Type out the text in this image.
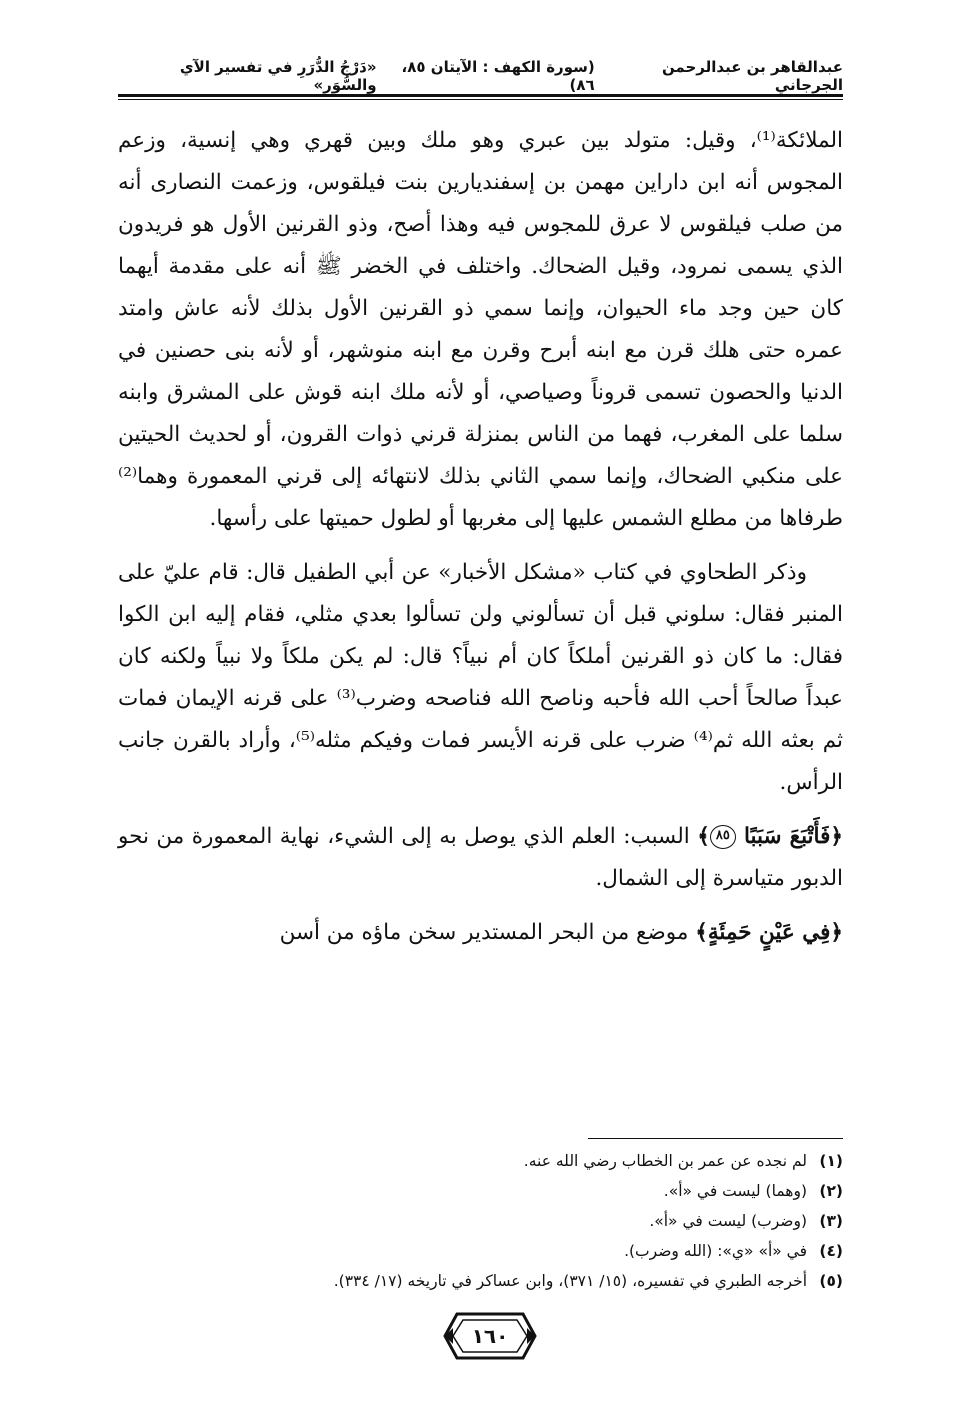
عبدالقاهر بن عبدالرحمن الجرجاني
(سورة الكهف : الآيتان ٨٥، ٨٦)
«دَرْجُ الدُّرَرِ في تفسير الآي والسُّوَر»

الملائكة⁽¹⁾، وقيل: متولد بين عبري وهو ملك وبين قهري وهي إنسية، وزعم المجوس أنه ابن داراين مهمن بن إسفنديارين بنت فيلقوس، وزعمت النصارى أنه من صلب فيلقوس لا عرق للمجوس فيه وهذا أصح، وذو القرنين الأول هو فريدون الذي يسمى نمرود، وقيل الضحاك. واختلف في الخضر ﷺ أنه على مقدمة أيهما كان حين وجد ماء الحيوان، وإنما سمي ذو القرنين الأول بذلك لأنه عاش وامتد عمره حتى هلك قرن مع ابنه أبرح وقرن مع ابنه منوشهر، أو لأنه بنى حصنين في الدنيا والحصون تسمى قروناً وصياصي، أو لأنه ملك ابنه قوش على المشرق وابنه سلما على المغرب، فهما من الناس بمنزلة قرني ذوات القرون، أو لحديث الحيتين على منكبي الضحاك، وإنما سمي الثاني بذلك لانتهائه إلى قرني المعمورة وهما⁽²⁾ طرفاها من مطلع الشمس عليها إلى مغربها أو لطول حميتها على رأسها.

وذكر الطحاوي في كتاب «مشكل الأخبار» عن أبي الطفيل قال: قام عليّ على المنبر فقال: سلوني قبل أن تسألوني ولن تسألوا بعدي مثلي، فقام إليه ابن الكوا فقال: ما كان ذو القرنين أملكاً كان أم نبياً؟ قال: لم يكن ملكاً ولا نبياً ولكنه كان عبداً صالحاً أحب الله فأحبه وناصح الله فناصحه وضرب⁽³⁾ على قرنه الإيمان فمات ثم بعثه الله ثم⁽⁴⁾ ضرب على قرنه الأيسر فمات وفيكم مثله⁽⁵⁾، وأراد بالقرن جانب الرأس.

﴿فَأَتْبَعَ سَبَبًا ٨٥﴾ السبب: العلم الذي يوصل به إلى الشيء، نهاية المعمورة من نحو الدبور متياسرة إلى الشمال.

﴿فِي عَيْنٍ حَمِئَةٍ﴾ موضع من البحر المستدير سخن ماؤه من أسن

(١)
لم نجده عن عمر بن الخطاب رضي الله عنه.
(٢)
(وهما) ليست في «أ».
(٣)
(وضرب) ليست في «أ».
(٤)
في «أ» «ي»: (الله وضرب).
(٥)
أخرجه الطبري في تفسيره، (١٥/ ٣٧١)، وابن عساكر في تاريخه (١٧/ ٣٣٤).
١٦٠
